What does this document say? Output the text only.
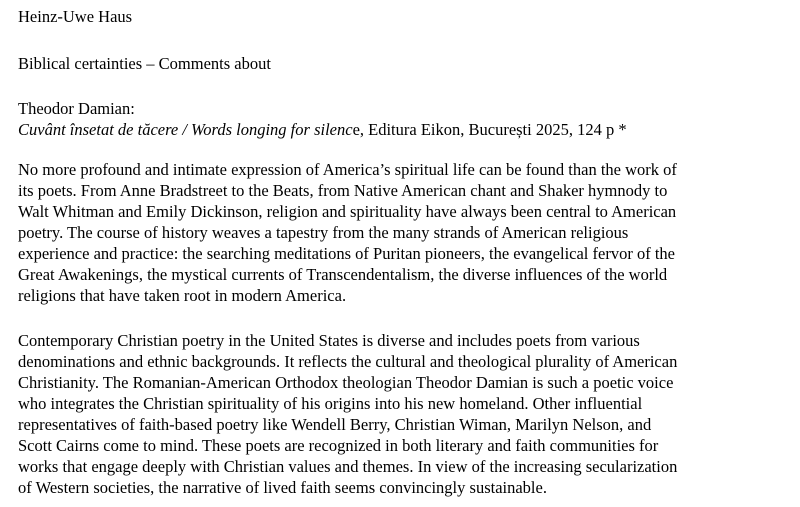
Heinz-Uwe Haus
Biblical certainties – Comments about
Theodor Damian:
Cuvânt însetat de tăcere / Words longing for silence, Editura Eikon, București 2025, 124 p *
No more profound and intimate expression of America’s spiritual life can be found than the work of
its poets. From Anne Bradstreet to the Beats, from Native American chant and Shaker hymnody to
Walt Whitman and Emily Dickinson, religion and spirituality have always been central to American
poetry. The course of history weaves a tapestry from the many strands of American religious
experience and practice: the searching meditations of Puritan pioneers, the evangelical fervor of the
Great Awakenings, the mystical currents of Transcendentalism, the diverse influences of the world
religions that have taken root in modern America.
Contemporary Christian poetry in the United States is diverse and includes poets from various
denominations and ethnic backgrounds. It reflects the cultural and theological plurality of American
Christianity. The Romanian-American Orthodox theologian Theodor Damian is such a poetic voice
who integrates the Christian spirituality of his origins into his new homeland. Other influential
representatives of faith-based poetry like Wendell Berry, Christian Wiman, Marilyn Nelson, and
Scott Cairns come to mind. These poets are recognized in both literary and faith communities for
works that engage deeply with Christian values and themes. In view of the increasing secularization
of Western societies, the narrative of lived faith seems convincingly sustainable.
